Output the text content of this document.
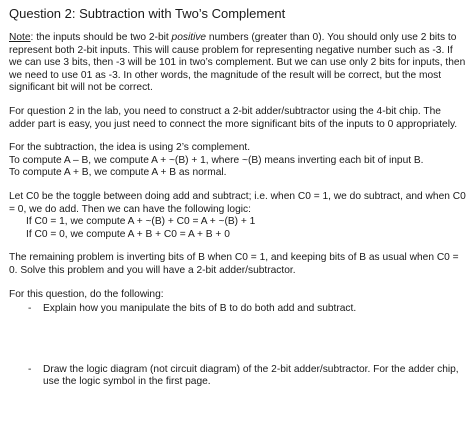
Question 2: Subtraction with Two’s Complement

Note: the inputs should be two 2-bit positive numbers (greater than 0). You should only use 2 bits to represent both 2-bit inputs. This will cause problem for representing negative number such as -3. If we can use 3 bits, then -3 will be 101 in two’s complement. But we can use only 2 bits for inputs, then we need to use 01 as -3. In other words, the magnitude of the result will be correct, but the most significant bit will not be correct.

For question 2 in the lab, you need to construct a 2-bit adder/subtractor using the 4-bit chip. The adder part is easy, you just need to connect the more significant bits of the inputs to 0 appropriately.

For the subtraction, the idea is using 2’s complement.

To compute A – B, we compute A + ~(B) + 1, where ~(B) means inverting each bit of input B.

To compute A + B, we compute A + B as normal.

Let C0 be the toggle between doing add and subtract; i.e. when C0 = 1, we do subtract, and when C0 = 0, we do add. Then we can have the following logic:

If C0 = 1, we compute A + ~(B) + C0 = A + ~(B) + 1

If C0 = 0, we compute A + B + C0 = A + B + 0

The remaining problem is inverting bits of B when C0 = 1, and keeping bits of B as usual when C0 = 0. Solve this problem and you will have a 2-bit adder/subtractor.

For this question, do the following:

- Explain how you manipulate the bits of B to do both add and subtract.
- Draw the logic diagram (not circuit diagram) of the 2-bit adder/subtractor. For the adder chip, use the logic symbol in the first page.
